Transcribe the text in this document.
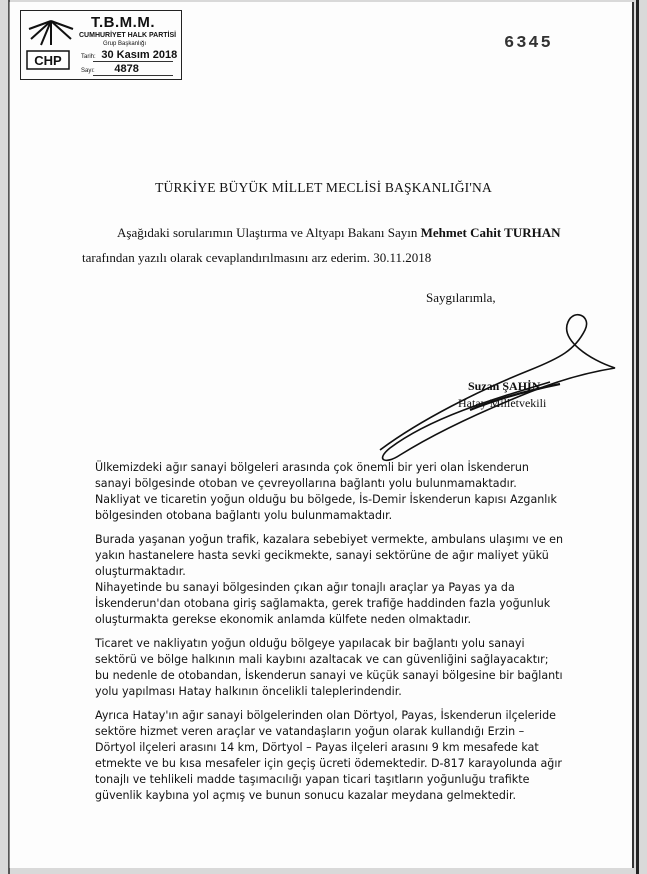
CHP
T.B.M.M.
CUMHURİYET HALK PARTİSİ
Grup Başkanlığı
Tarih: 30 Kasım 2018
Sayı: 4878
6345
TÜRKİYE BÜYÜK MİLLET MECLİSİ BAŞKANLIĞI'NA
Aşağıdaki sorularımın Ulaştırma ve Altyapı Bakanı Sayın Mehmet Cahit TURHAN
tarafından yazılı olarak cevaplandırılmasını arz ederim. 30.11.2018
Saygılarımla,
Suzan ŞAHİN
Hatay Milletvekili
Ülkemizdeki ağır sanayi bölgeleri arasında çok önemli bir yeri olan İskenderun sanayi bölgesinde otoban ve çevreyollarına bağlantı yolu bulunmamaktadır. Nakliyat ve ticaretin yoğun olduğu bu bölgede, İs-Demir İskenderun kapısı Azganlık bölgesinden otobana bağlantı yolu bulunmamaktadır.
Burada yaşanan yoğun trafik, kazalara sebebiyet vermekte, ambulans ulaşımı ve en yakın hastanelere hasta sevki gecikmekte, sanayi sektörüne de ağır maliyet yükü oluşturmaktadır.
Nihayetinde bu sanayi bölgesinden çıkan ağır tonajlı araçlar ya Payas ya da İskenderun'dan otobana giriş sağlamakta, gerek trafiğe haddinden fazla yoğunluk oluşturmakta gerekse ekonomik anlamda külfete neden olmaktadır.
Ticaret ve nakliyatın yoğun olduğu bölgeye yapılacak bir bağlantı yolu sanayi sektörü ve bölge halkının mali kaybını azaltacak ve can güvenliğini sağlayacaktır; bu nedenle de otobandan, İskenderun sanayi ve küçük sanayi bölgesine bir bağlantı yolu yapılması Hatay halkının öncelikli taleplerindendir.
Ayrıca Hatay'ın ağır sanayi bölgelerinden olan Dörtyol, Payas, İskenderun ilçeleride sektöre hizmet veren araçlar ve vatandaşların yoğun olarak kullandığı Erzin – Dörtyol ilçeleri arasını 14 km, Dörtyol – Payas ilçeleri arasını 9 km mesafede kat etmekte ve bu kısa mesafeler için geçiş ücreti ödemektedir. D-817 karayolunda ağır tonajlı ve tehlikeli madde taşımacılığı yapan ticari taşıtların yoğunluğu trafikte güvenlik kaybına yol açmış ve bunun sonucu kazalar meydana gelmektedir.
